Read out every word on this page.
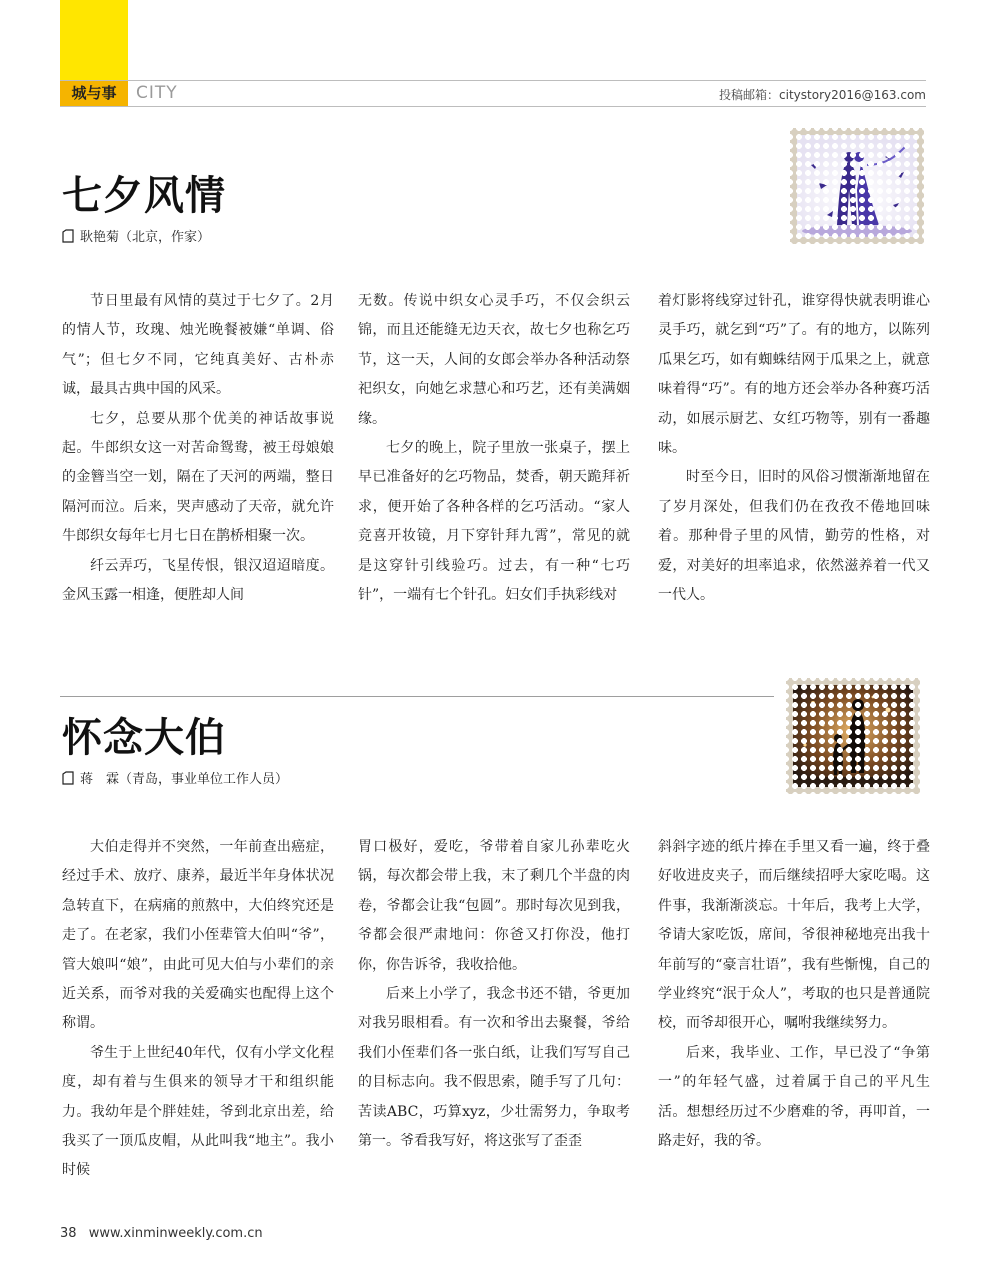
城与事	CITY	投稿邮箱：citystory2016@163.com
七夕风情
耿艳菊（北京，作家）

节日里最有风情的莫过于七夕了。2月的情人节，玫瑰、烛光晚餐被嫌“单调、俗气”；但七夕不同，它纯真美好、古朴赤诚，最具古典中国的风采。

七夕，总要从那个优美的神话故事说起。牛郎织女这一对苦命鸳鸯，被王母娘娘的金簪当空一划，隔在了天河的两端，整日隔河而泣。后来，哭声感动了天帝，就允许牛郎织女每年七月七日在鹊桥相聚一次。

纤云弄巧，飞星传恨，银汉迢迢暗度。金风玉露一相逢，便胜却人间

无数。传说中织女心灵手巧，不仅会织云锦，而且还能缝无边天衣，故七夕也称乞巧节，这一天，人间的女郎会举办各种活动祭祀织女，向她乞求慧心和巧艺，还有美满姻缘。

七夕的晚上，院子里放一张桌子，摆上早已准备好的乞巧物品，焚香，朝天跪拜祈求，便开始了各种各样的乞巧活动。“家人竞喜开妆镜，月下穿针拜九霄”，常见的就是这穿针引线验巧。过去，有一种“七巧针”，一端有七个针孔。妇女们手执彩线对

着灯影将线穿过针孔，谁穿得快就表明谁心灵手巧，就乞到“巧”了。有的地方，以陈列瓜果乞巧，如有蜘蛛结网于瓜果之上，就意味着得“巧”。有的地方还会举办各种赛巧活动，如展示厨艺、女红巧物等，别有一番趣味。

时至今日，旧时的风俗习惯渐渐地留在了岁月深处，但我们仍在孜孜不倦地回味着。那种骨子里的风情，勤劳的性格，对爱，对美好的坦率追求，依然滋养着一代又一代人。

怀念大伯
蒋　霖（青岛，事业单位工作人员）

大伯走得并不突然，一年前查出癌症，经过手术、放疗、康养，最近半年身体状况急转直下，在病痛的煎熬中，大伯终究还是走了。在老家，我们小侄辈管大伯叫“爷”，管大娘叫“娘”，由此可见大伯与小辈们的亲近关系，而爷对我的关爱确实也配得上这个称谓。

爷生于上世纪40年代，仅有小学文化程度，却有着与生俱来的领导才干和组织能力。我幼年是个胖娃娃，爷到北京出差，给我买了一顶瓜皮帽，从此叫我“地主”。我小时候

胃口极好，爱吃，爷带着自家儿孙辈吃火锅，每次都会带上我，末了剩几个半盘的肉卷，爷都会让我“包圆”。那时每次见到我，爷都会很严肃地问：你爸又打你没，他打你，你告诉爷，我收拾他。

后来上小学了，我念书还不错，爷更加对我另眼相看。有一次和爷出去聚餐，爷给我们小侄辈们各一张白纸，让我们写写自己的目标志向。我不假思索，随手写了几句：苦读ABC，巧算xyz，少壮需努力，争取考第一。爷看我写好，将这张写了歪歪

斜斜字迹的纸片捧在手里又看一遍，终于叠好收进皮夹子，而后继续招呼大家吃喝。这件事，我渐渐淡忘。十年后，我考上大学，爷请大家吃饭，席间，爷很神秘地亮出我十年前写的“豪言壮语”，我有些惭愧，自己的学业终究“泯于众人”，考取的也只是普通院校，而爷却很开心，嘱咐我继续努力。

后来，我毕业、工作，早已没了“争第一”的年轻气盛，过着属于自己的平凡生活。想想经历过不少磨难的爷，再叩首，一路走好，我的爷。

38 www.xinminweekly.com.cn
